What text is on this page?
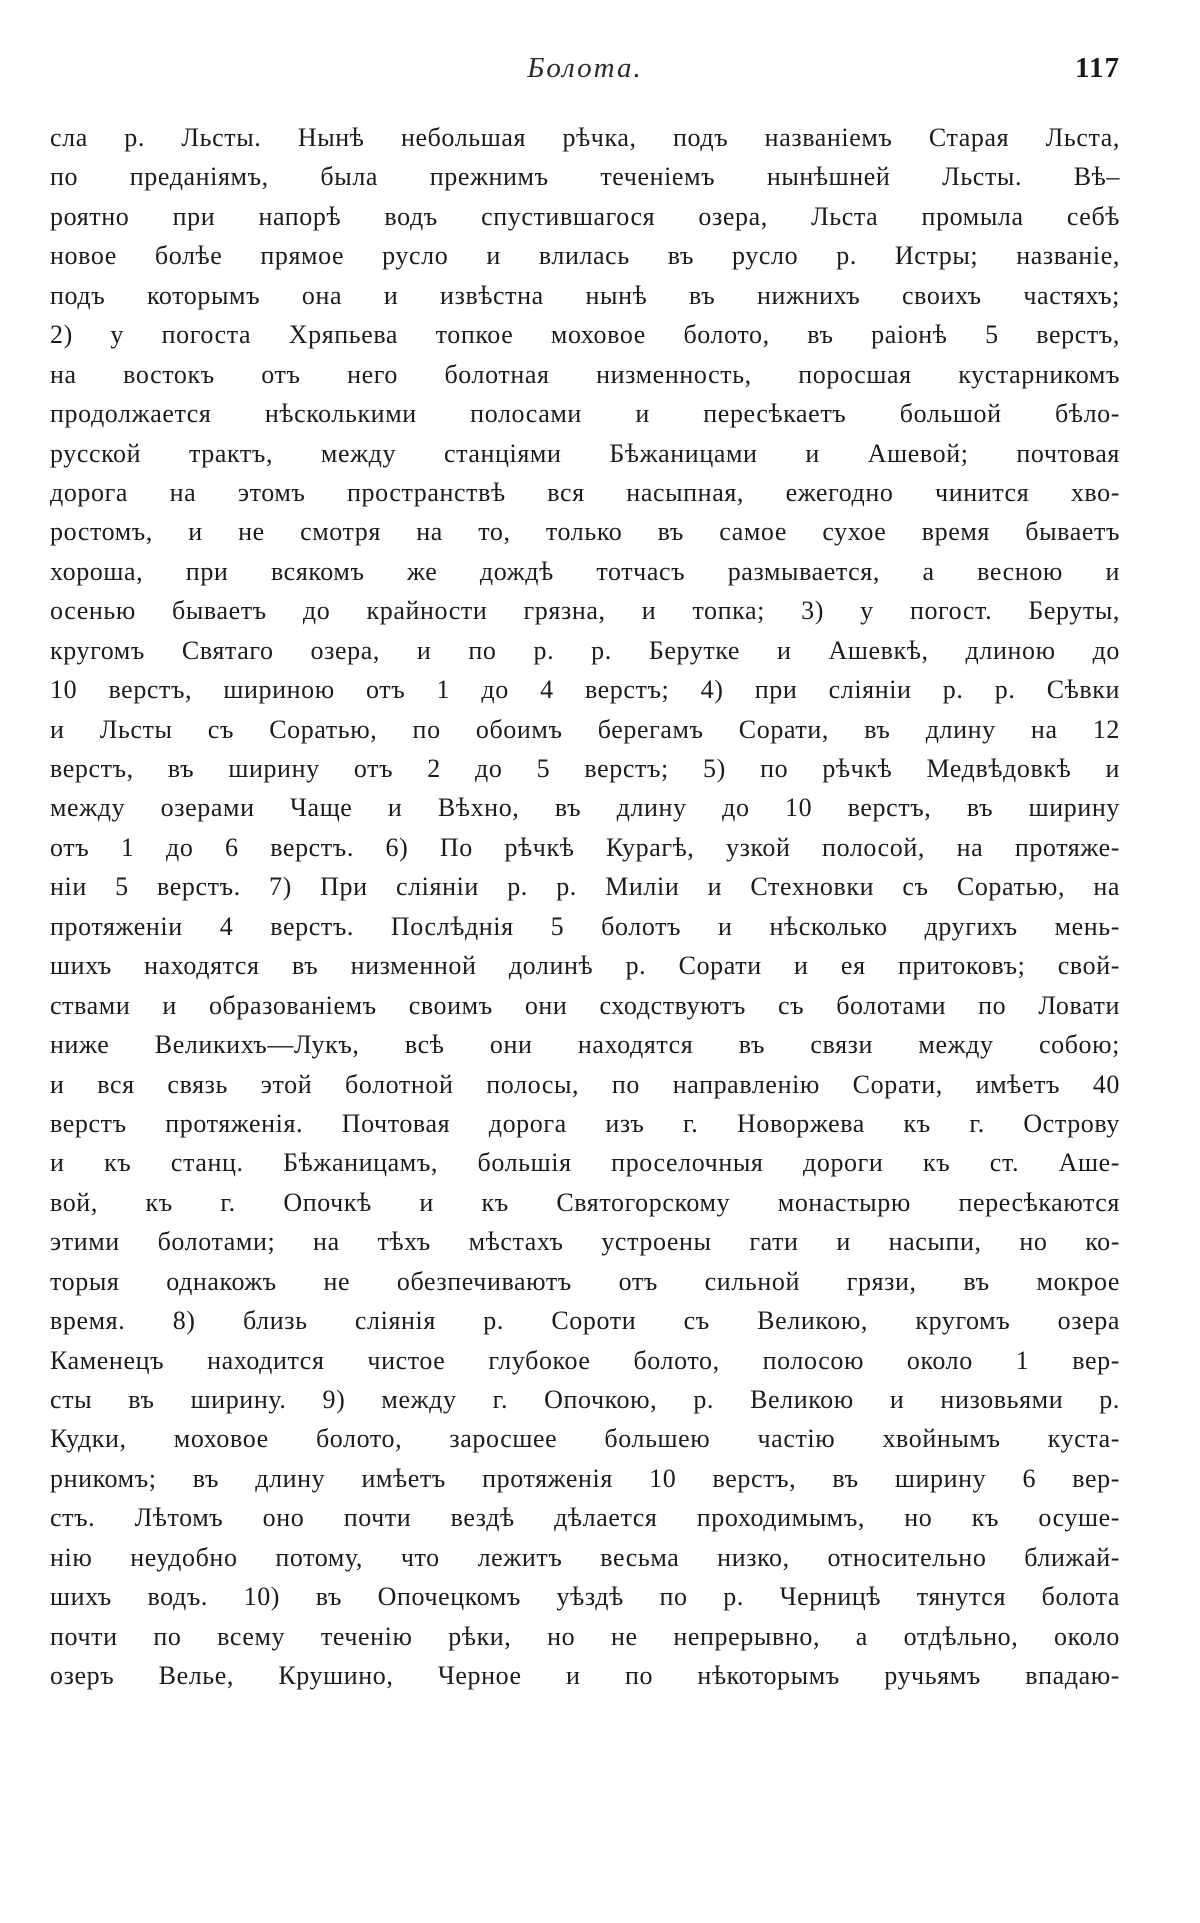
Болота.	117
сла р. Льсты. Нынѣ небольшая рѣчка, подъ названіемъ Старая Льста,
по преданіямъ, была прежнимъ теченіемъ нынѣшней Льсты. Вѣ–
роятно при напорѣ водъ спустившагося озера, Льста промыла себѣ
новое болѣе прямое русло и влилась въ русло р. Истры; названіе,
подъ которымъ она и извѣстна нынѣ въ нижнихъ своихъ частяхъ;
2) у погоста Хряпьева топкое моховое болото, въ раіонѣ 5 верстъ,
на востокъ отъ него болотная низменность, поросшая кустарникомъ
продолжается нѣсколькими полосами и пересѣкаетъ большой бѣло-
русской трактъ, между станціями Бѣжаницами и Ашевой; почтовая
дорога на этомъ пространствѣ вся насыпная, ежегодно чинится хво-
ростомъ, и не смотря на то, только въ самое сухое время бываетъ
хороша, при всякомъ же дождѣ тотчасъ размывается, а весною и
осенью бываетъ до крайности грязна, и топка; 3) у погост. Беруты,
кругомъ Святаго озера, и по р. р. Берутке и Ашевкѣ, длиною до
10 верстъ, шириною отъ 1 до 4 верстъ; 4) при сліяніи р. р. Сѣвки
и Льсты съ Соратью, по обоимъ берегамъ Сорати, въ длину на 12
верстъ, въ ширину отъ 2 до 5 верстъ; 5) по рѣчкѣ Медвѣдовкѣ и
между озерами Чаще и Вѣхно, въ длину до 10 верстъ, въ ширину
отъ 1 до 6 верстъ. 6) По рѣчкѣ Курагѣ, узкой полосой, на протяже-
ніи 5 верстъ. 7) При сліяніи р. р. Миліи и Стехновки съ Соратью, на
протяженіи 4 верстъ. Послѣднія 5 болотъ и нѣсколько другихъ мень-
шихъ находятся въ низменной долинѣ р. Сорати и ея притоковъ; свой-
ствами и образованіемъ своимъ они сходствуютъ съ болотами по Ловати
ниже Великихъ—Лукъ, всѣ они находятся въ связи между собою;
и вся связь этой болотной полосы, по направленію Сорати, имѣетъ 40
верстъ протяженія. Почтовая дорога изъ г. Новоржева къ г. Острову
и къ станц. Бѣжаницамъ, большія проселочныя дороги къ ст. Аше-
вой, къ г. Опочкѣ и къ Святогорскому монастырю пересѣкаются
этими болотами; на тѣхъ мѣстахъ устроены гати и насыпи, но ко-
торыя однакожъ не обезпечиваютъ отъ сильной грязи, въ мокрое
время. 8) близь сліянія р. Сороти съ Великою, кругомъ озера
Каменецъ находится чистое глубокое болото, полосою около 1 вер-
сты въ ширину. 9) между г. Опочкою, р. Великою и низовьями р.
Кудки, моховое болото, заросшее большею частію хвойнымъ куста-
рникомъ; въ длину имѣетъ протяженія 10 верстъ, въ ширину 6 вер-
стъ. Лѣтомъ оно почти вездѣ дѣлается проходимымъ, но къ осуше-
нію неудобно потому, что лежитъ весьма низко, относительно ближай-
шихъ водъ. 10) въ Опочецкомъ уѣздѣ по р. Черницѣ тянутся болота
почти по всему теченію рѣки, но не непрерывно, а отдѣльно, около
озеръ Велье, Крушино, Черное и по нѣкоторымъ ручьямъ впадаю-
